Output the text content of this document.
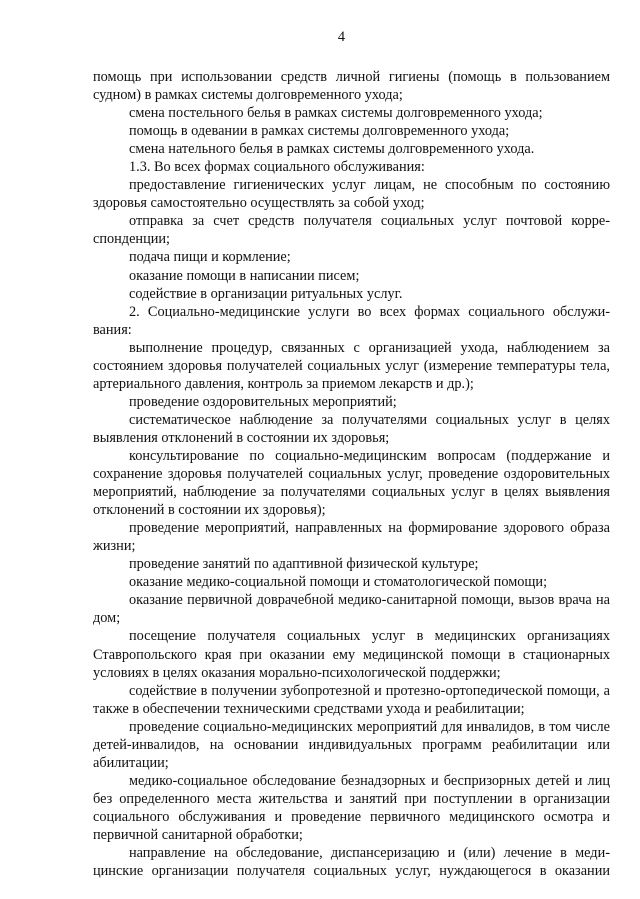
4

помощь при использовании средств личной гигиены (помощь в пользованием судном) в рамках системы долговременного ухода;

смена постельного белья в рамках системы долговременного ухода;

помощь в одевании в рамках системы долговременного ухода;

смена нательного белья в рамках системы долговременного ухода.

1.3. Во всех формах социального обслуживания:

предоставление гигиенических услуг лицам, не способным по состоянию здоровья самостоятельно осуществлять за собой уход;

отправка за счет средств получателя социальных услуг почтовой корреспонденции;

подача пищи и кормление;

оказание помощи в написании писем;

содействие в организации ритуальных услуг.

2. Социально-медицинские услуги во всех формах социального обслуживания:

выполнение процедур, связанных с организацией ухода, наблюдением за состоянием здоровья получателей социальных услуг (измерение температуры тела, артериального давления, контроль за приемом лекарств и др.);

проведение оздоровительных мероприятий;

систематическое наблюдение за получателями социальных услуг в целях выявления отклонений в состоянии их здоровья;

консультирование по социально-медицинским вопросам (поддержание и сохранение здоровья получателей социальных услуг, проведение оздоровительных мероприятий, наблюдение за получателями социальных услуг в целях выявления отклонений в состоянии их здоровья);

проведение мероприятий, направленных на формирование здорового образа жизни;

проведение занятий по адаптивной физической культуре;

оказание медико-социальной помощи и стоматологической помощи;

оказание первичной доврачебной медико-санитарной помощи, вызов врача на дом;

посещение получателя социальных услуг в медицинских организациях Ставропольского края при оказании ему медицинской помощи в стационарных условиях в целях оказания морально-психологической поддержки;

содействие в получении зубопротезной и протезно-ортопедической помощи, а также в обеспечении техническими средствами ухода и реабилитации;

проведение социально-медицинских мероприятий для инвалидов, в том числе детей-инвалидов, на основании индивидуальных программ реабилитации или абилитации;

медико-социальное обследование безнадзорных и беспризорных детей и лиц без определенного места жительства и занятий при поступлении в организации социального обслуживания и проведение первичного медицинского осмотра и первичной санитарной обработки;

направление на обследование, диспансеризацию и (или) лечение в медицинские организации получателя социальных услуг, нуждающегося в оказании
